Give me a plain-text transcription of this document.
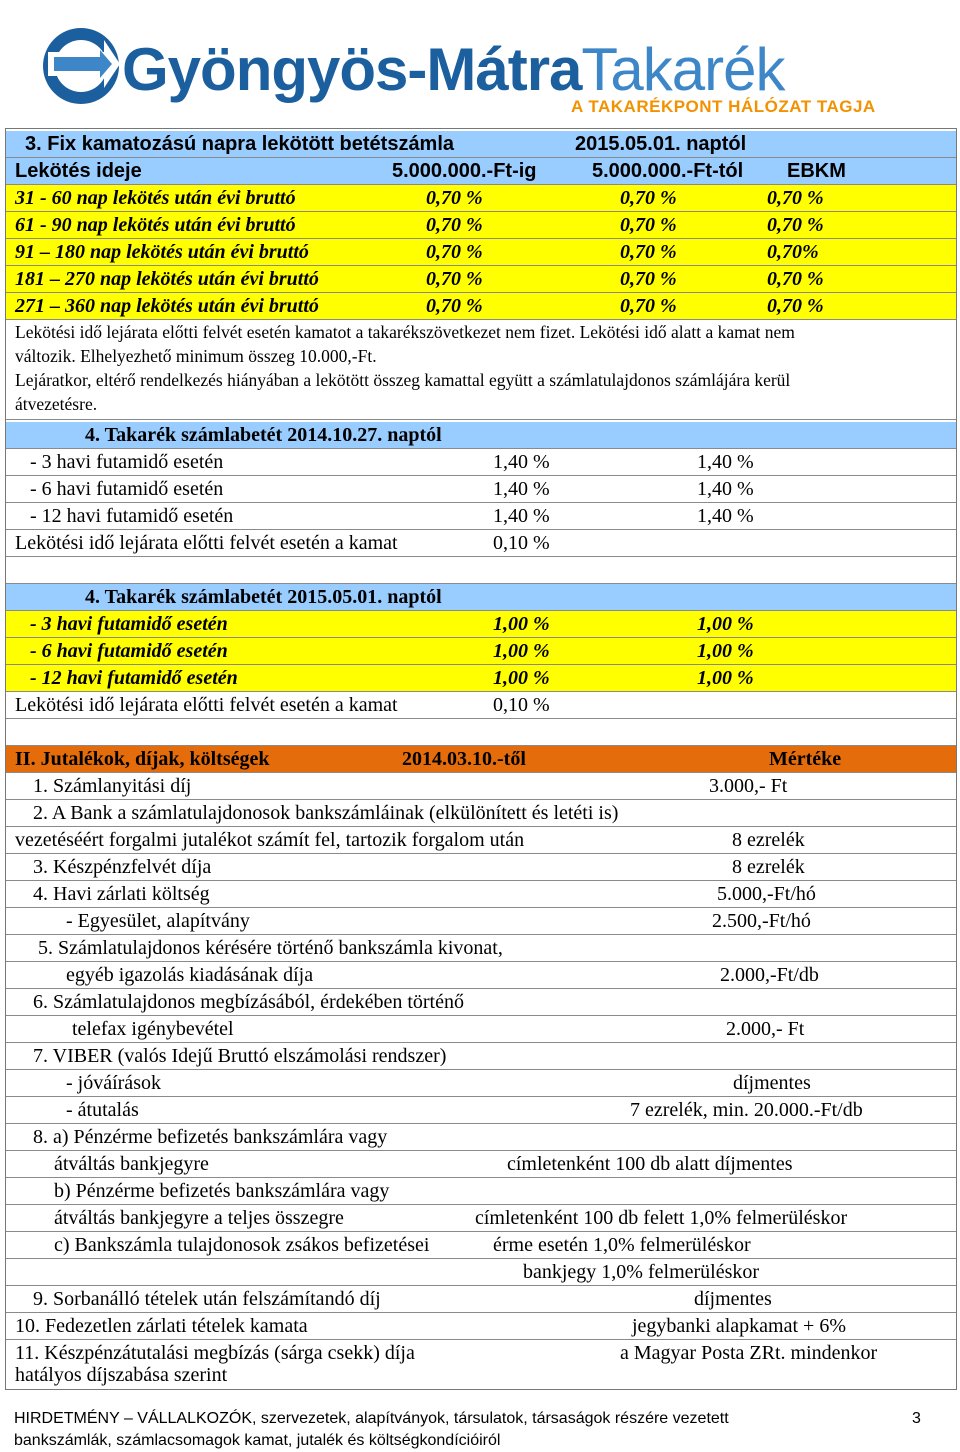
Gyöngyös-MátraTakarék
A TAKARÉKPONT HÁLÓZAT TAGJA
3. Fix kamatozású napra lekötött betétszámla	2015.05.01. naptól
Lekötés ideje	5.000.000.-Ft-ig	5.000.000.-Ft-tól EBKM
31 - 60 nap lekötés után évi bruttó	0,70 %	0,70 %	0,70 %
61 - 90 nap lekötés után évi bruttó	0,70 %	0,70 %	0,70 %
91 – 180 nap lekötés után évi bruttó	0,70 %	0,70 %	0,70%
181 – 270 nap lekötés után évi bruttó	0,70 %	0,70 %	0,70 %
271 – 360 nap lekötés után évi bruttó	0,70 %	0,70 %	0,70 %
Lekötési idő lejárata előtti felvét esetén kamatot a takarékszövetkezet nem fizet. Lekötési idő alatt a kamat nem
változik. Elhelyezhető minimum összeg 10.000,-Ft.
Lejáratkor, eltérő rendelkezés hiányában a lekötött összeg kamattal együtt a számlatulajdonos számlájára kerül
átvezetésre.
4. Takarék számlabetét 2014.10.27. naptól
- 3 havi futamidő esetén	1,40 %	1,40 %
- 6 havi futamidő esetén	1,40 %	1,40 %
- 12 havi futamidő esetén	1,40 %	1,40 %
Lekötési idő lejárata előtti felvét esetén a kamat	0,10 %
4. Takarék számlabetét 2015.05.01. naptól
- 3 havi futamidő esetén	1,00 %	1,00 %
- 6 havi futamidő esetén	1,00 %	1,00 %
- 12 havi futamidő esetén	1,00 %	1,00 %
Lekötési idő lejárata előtti felvét esetén a kamat	0,10 %
II. Jutalékok, díjak, költségek	2014.03.10.-től	Mértéke
1. Számlanyitási díj	3.000,- Ft
2. A Bank a számlatulajdonosok bankszámláinak (elkülönített és letéti is)
vezetéséért forgalmi jutalékot számít fel, tartozik forgalom után	8 ezrelék
3. Készpénzfelvét díja	8 ezrelék
4. Havi zárlati költség	5.000,-Ft/hó
- Egyesület, alapítvány	2.500,-Ft/hó
5. Számlatulajdonos kérésére történő bankszámla kivonat,
egyéb igazolás kiadásának díja	2.000,-Ft/db
6. Számlatulajdonos megbízásából, érdekében történő
telefax igénybevétel	2.000,- Ft
7. VIBER (valós Idejű Bruttó elszámolási rendszer)
- jóváírások	díjmentes
- átutalás	7 ezrelék, min. 20.000.-Ft/db
8. a) Pénzérme befizetés bankszámlára vagy
átváltás bankjegyre	címletenként 100 db alatt díjmentes
b) Pénzérme befizetés bankszámlára vagy
átváltás bankjegyre a teljes összegre	címletenként 100 db felett 1,0% felmerüléskor
c) Bankszámla tulajdonosok zsákos befizetései	érme esetén 1,0% felmerüléskor
bankjegy 1,0% felmerüléskor
9. Sorbanálló tételek után felszámítandó díj	díjmentes
10. Fedezetlen zárlati tételek kamata	jegybanki alapkamat + 6%
11. Készpénzátutalási megbízás (sárga csekk) díja	a Magyar Posta ZRt. mindenkor
hatályos díjszabása szerint
HIRDETMÉNY – VÁLLALKOZÓK, szervezetek, alapítványok, társulatok, társaságok részére vezetett
bankszámlák, számlacsomagok kamat, jutalék és költségkondícióiról
3
